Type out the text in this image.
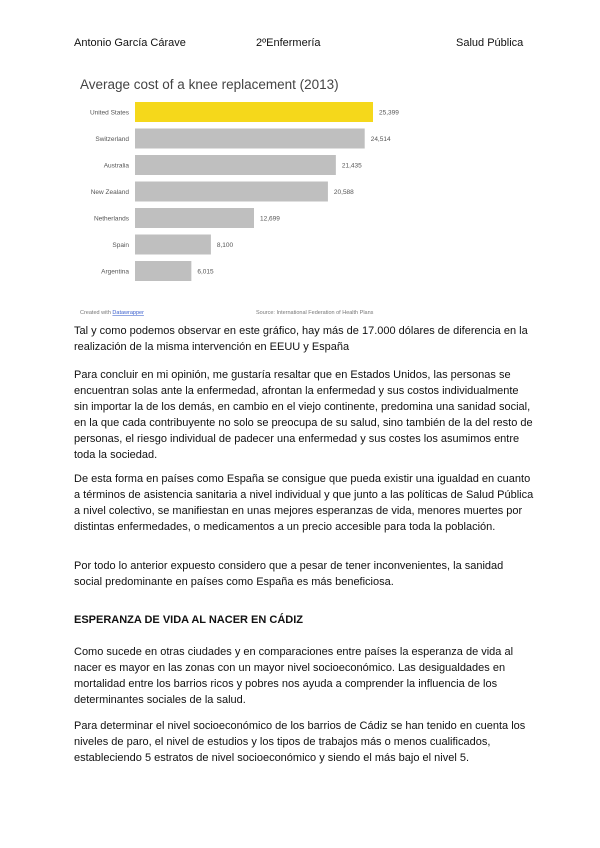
Antonio García Cárave	2ºEnfermería	Salud Pública
Average cost of a knee replacement (2013)
United States	25,399
Switzerland	24,514
Australia	21,435
New Zealand	20,588
Netherlands	12,699
Spain	8,100
Argentina	6,015
Created with Datawrapper	Source: International Federation of Health Plans

Tal y como podemos observar en este gráfico, hay más de 17.000 dólares de diferencia en la realización de la misma intervención en EEUU y España

Para concluir en mi opinión, me gustaría resaltar que en Estados Unidos, las personas se encuentran solas ante la enfermedad, afrontan la enfermedad y sus costos individualmente sin importar la de los demás, en cambio en el viejo continente, predomina una sanidad social, en la que cada contribuyente no solo se preocupa de su salud, sino también de la del resto de personas, el riesgo individual de padecer una enfermedad y sus costes los asumimos entre toda la sociedad.

De esta forma en países como España se consigue que pueda existir una igualdad en cuanto a términos de asistencia sanitaria a nivel individual y que junto a las políticas de Salud Pública a nivel colectivo, se manifiestan en unas mejores esperanzas de vida, menores muertes por distintas enfermedades, o medicamentos a un precio accesible para toda la población.

Por todo lo anterior expuesto considero que a pesar de tener inconvenientes, la sanidad social predominante en países como España es más beneficiosa.

ESPERANZA DE VIDA AL NACER EN CÁDIZ

Como sucede en otras ciudades y en comparaciones entre países la esperanza de vida al nacer es mayor en las zonas con un mayor nivel socioeconómico. Las desigualdades en mortalidad entre los barrios ricos y pobres nos ayuda a comprender la influencia de los determinantes sociales de la salud.

Para determinar el nivel socioeconómico de los barrios de Cádiz se han tenido en cuenta los niveles de paro, el nivel de estudios y los tipos de trabajos más o menos cualificados, estableciendo 5 estratos de nivel socioeconómico y siendo el más bajo el nivel 5.
